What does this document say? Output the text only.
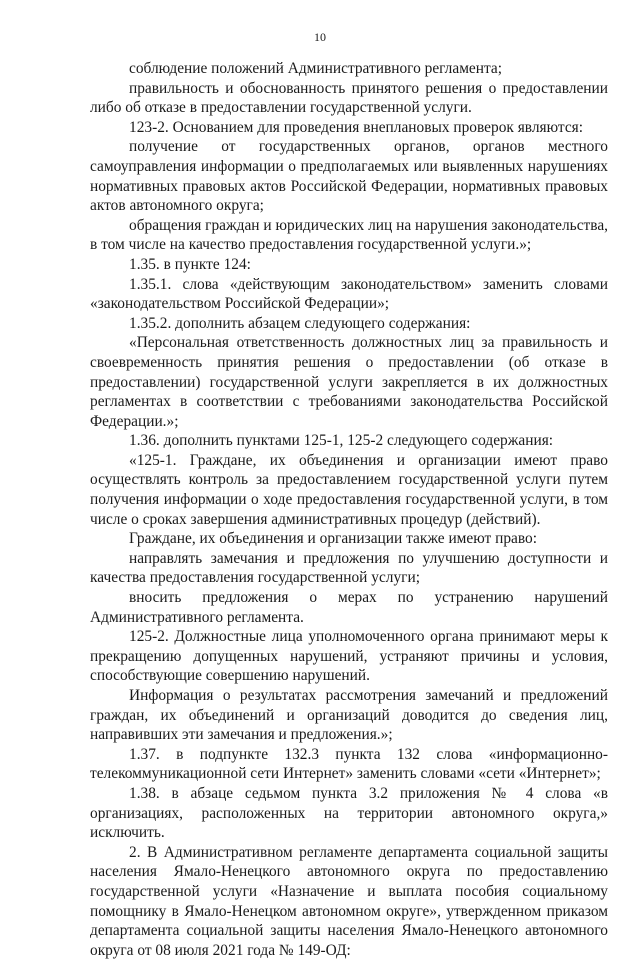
10

соблюдение положений Административного регламента;

правильность и обоснованность принятого решения о предоставлении либо об отказе в предоставлении государственной услуги.

123-2. Основанием для проведения внеплановых проверок являются:

получение от государственных органов, органов местного самоуправления информации о предполагаемых или выявленных нарушениях нормативных правовых актов Российской Федерации, нормативных правовых актов автономного округа;

обращения граждан и юридических лиц на нарушения законодательства, в том числе на качество предоставления государственной услуги.»;

1.35. в пункте 124:

1.35.1. слова «действующим законодательством» заменить словами «законодательством Российской Федерации»;

1.35.2. дополнить абзацем следующего содержания:

«Персональная ответственность должностных лиц за правильность и своевременность принятия решения о предоставлении (об отказе в предоставлении) государственной услуги закрепляется в их должностных регламентах в соответствии с требованиями законодательства Российской Федерации.»;

1.36. дополнить пунктами 125-1, 125-2 следующего содержания:

«125-1. Граждане, их объединения и организации имеют право осуществлять контроль за предоставлением государственной услуги путем получения информации о ходе предоставления государственной услуги, в том числе о сроках завершения административных процедур (действий).

Граждане, их объединения и организации также имеют право:

направлять замечания и предложения по улучшению доступности и качества предоставления государственной услуги;

вносить предложения о мерах по устранению нарушений Административного регламента.

125-2. Должностные лица уполномоченного органа принимают меры к прекращению допущенных нарушений, устраняют причины и условия, способствующие совершению нарушений.

Информация о результатах рассмотрения замечаний и предложений граждан, их объединений и организаций доводится до сведения лиц, направивших эти замечания и предложения.»;

1.37. в подпункте 132.3 пункта 132 слова «информационно-телекоммуникационной сети Интернет» заменить словами «сети «Интернет»;

1.38. в абзаце седьмом пункта 3.2 приложения № 4 слова «в организациях, расположенных на территории автономного округа,» исключить.

2. В Административном регламенте департамента социальной защиты населения Ямало-Ненецкого автономного округа по предоставлению государственной услуги «Назначение и выплата пособия социальному помощнику в Ямало-Ненецком автономном округе», утвержденном приказом департамента социальной защиты населения Ямало-Ненецкого автономного округа от 08 июля 2021 года № 149-ОД:
